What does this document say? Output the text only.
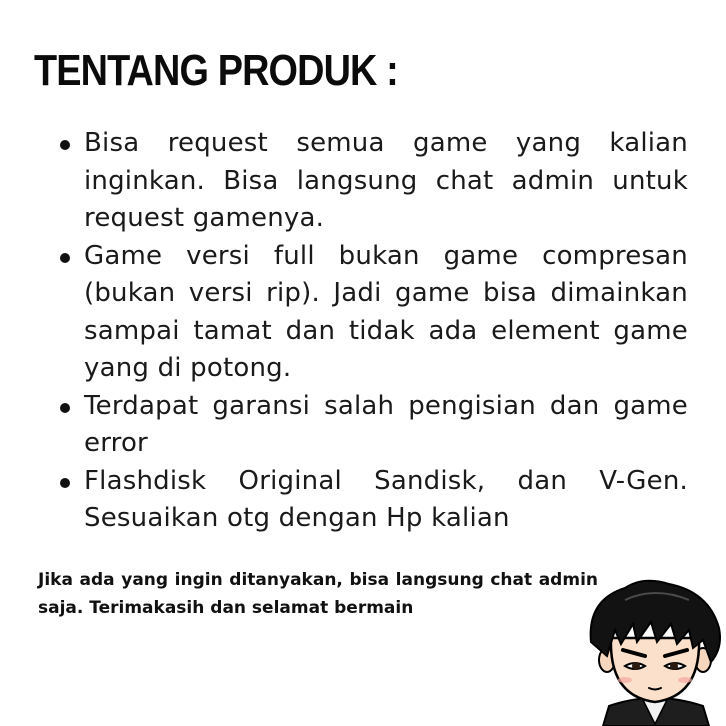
TENTANG PRODUK :
Bisa request semua game yang kalian inginkan. Bisa langsung chat admin untuk request gamenya.
Game versi full bukan game compresan (bukan versi rip). Jadi game bisa dimainkan sampai tamat dan tidak ada element game yang di potong.
Terdapat garansi salah pengisian dan game error
Flashdisk Original Sandisk, dan V-Gen. Sesuaikan otg dengan Hp kalian

Jika ada yang ingin ditanyakan, bisa langsung chat admin saja. Terimakasih dan selamat bermain
